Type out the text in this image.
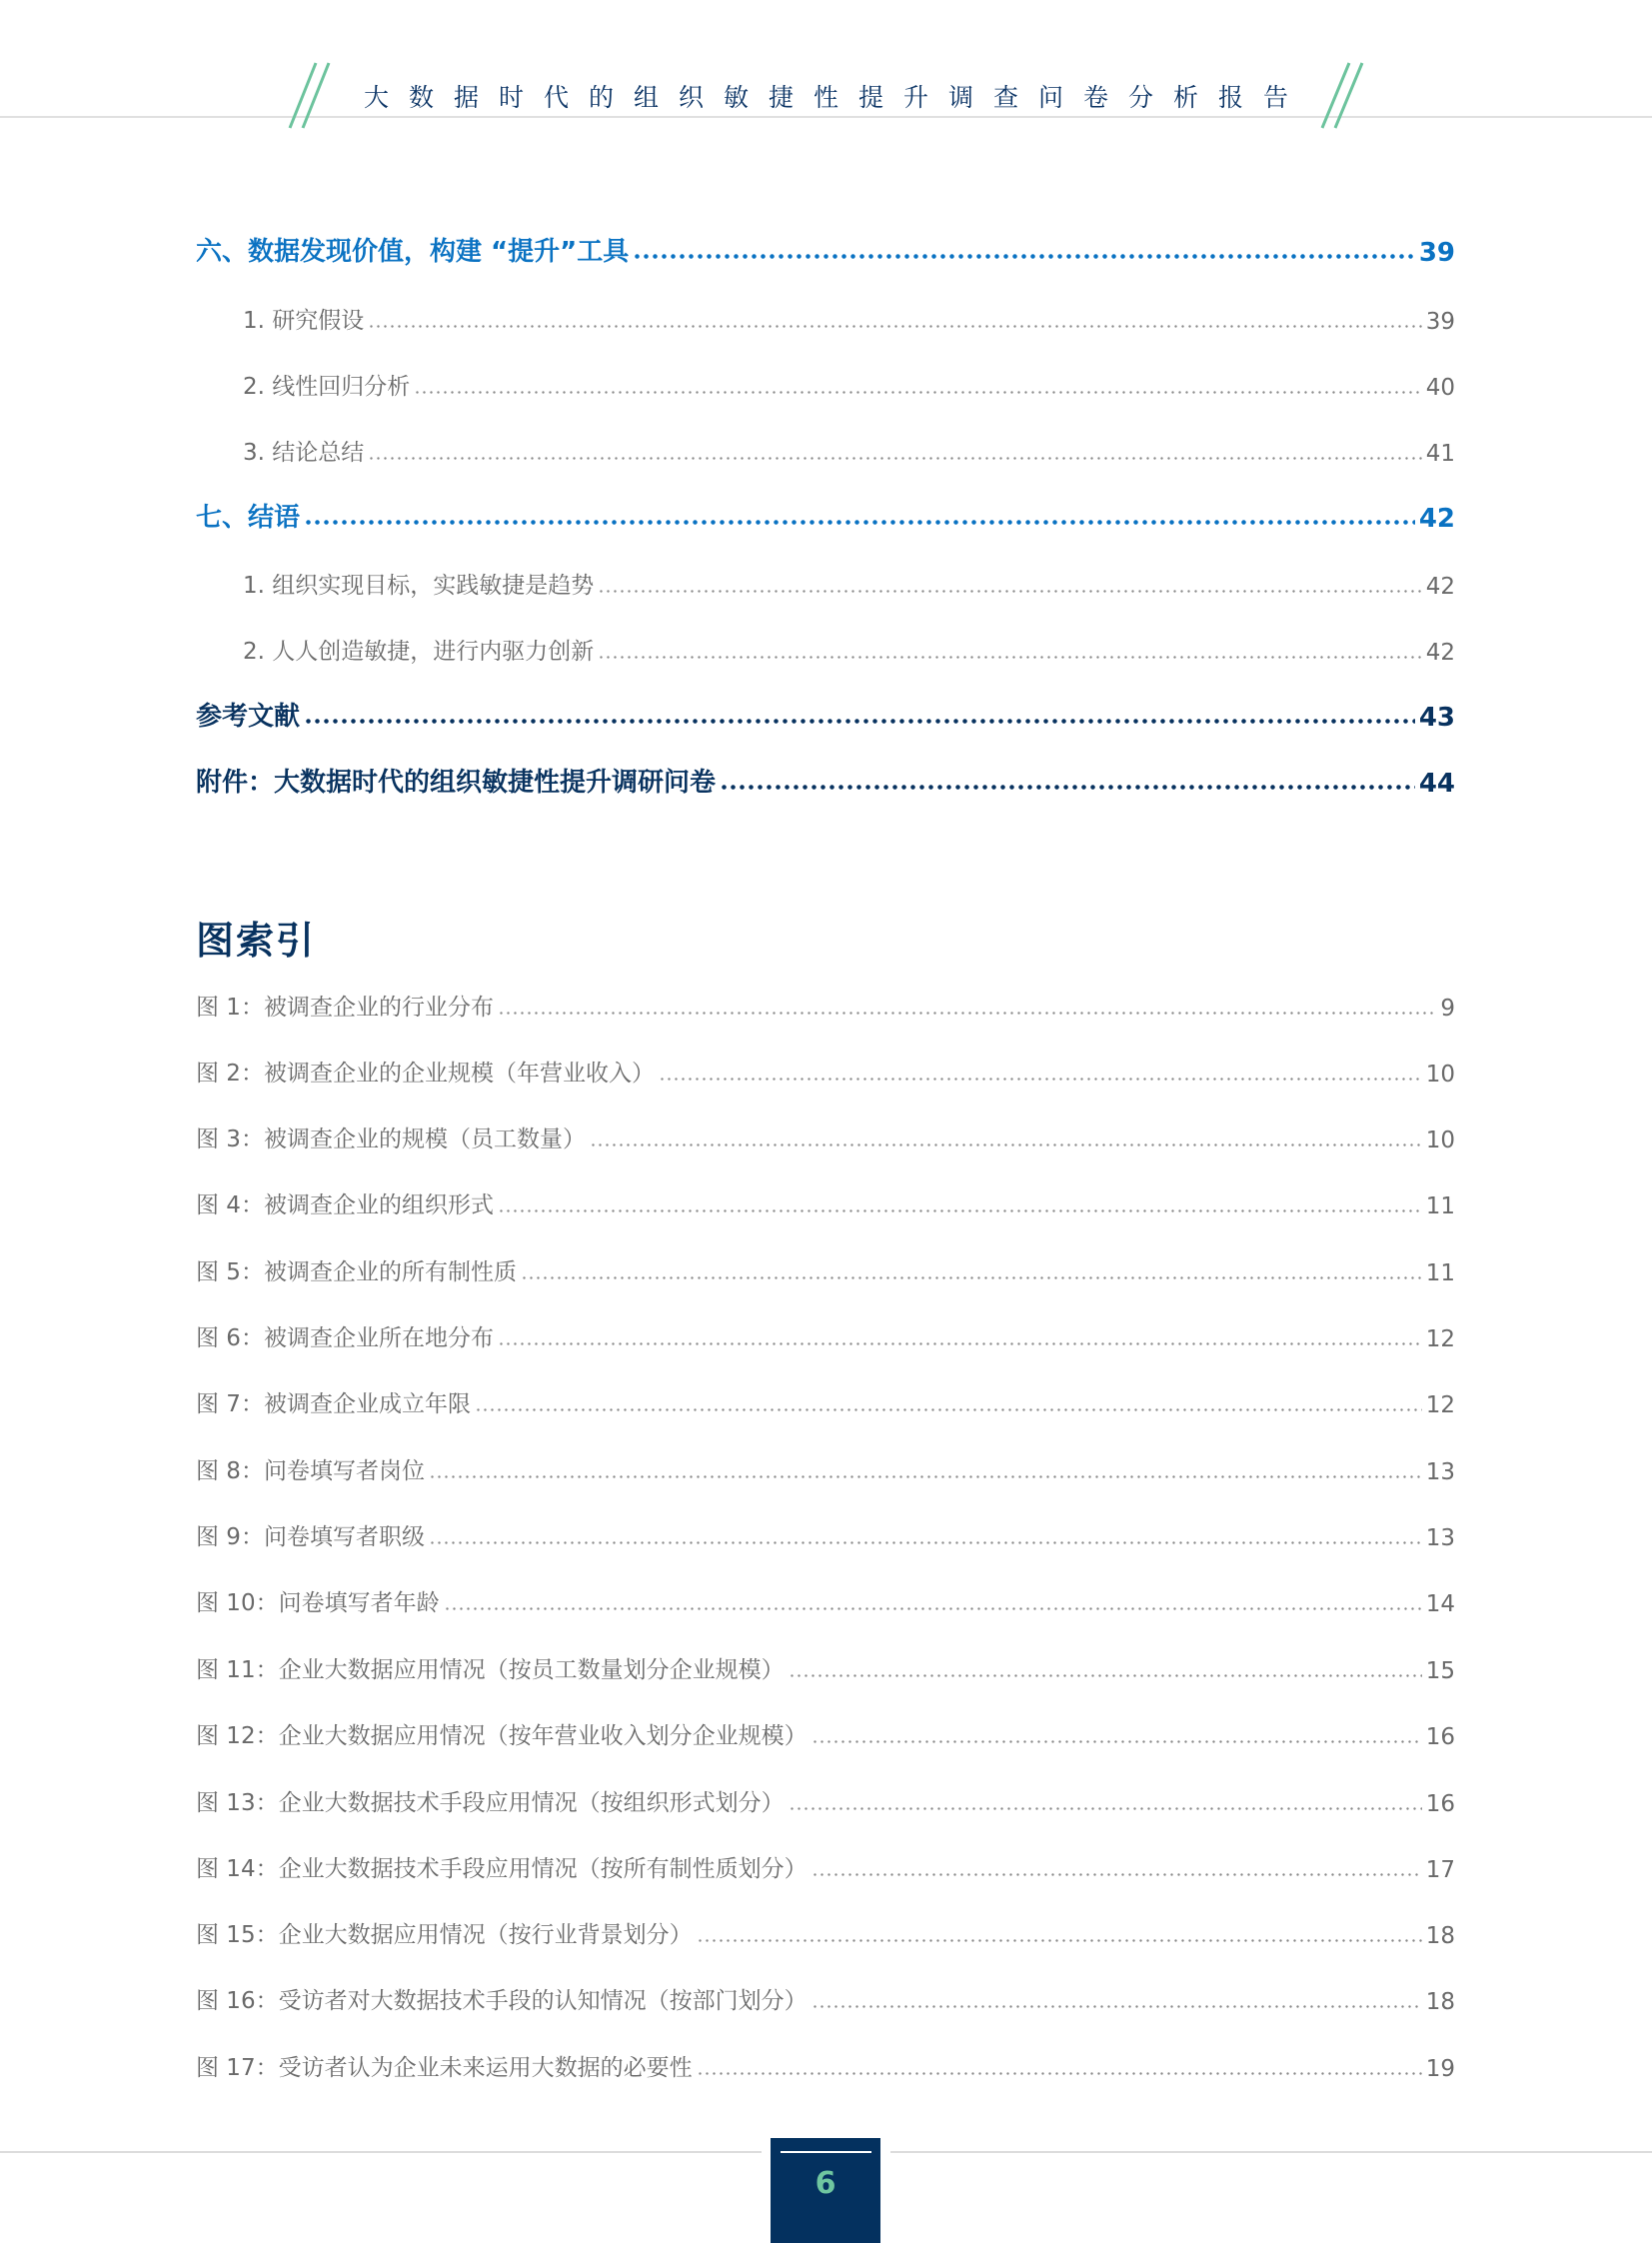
大数据时代的组织敏捷性提升调查问卷分析报告
六、数据发现价值，构建 “提升”工具	39
1. 研究假设	39
2. 线性回归分析	40
3. 结论总结	41
七、结语	42
1. 组织实现目标，实践敏捷是趋势	42
2. 人人创造敏捷，进行内驱力创新	42
参考文献	43
附件：大数据时代的组织敏捷性提升调研问卷	44
图索引
图 1：被调查企业的行业分布	9
图 2：被调查企业的企业规模（年营业收入）	10
图 3：被调查企业的规模（员工数量）	10
图 4：被调查企业的组织形式	11
图 5：被调查企业的所有制性质	11
图 6：被调查企业所在地分布	12
图 7：被调查企业成立年限	12
图 8：问卷填写者岗位	13
图 9：问卷填写者职级	13
图 10：问卷填写者年龄	14
图 11：企业大数据应用情况（按员工数量划分企业规模）	15
图 12：企业大数据应用情况（按年营业收入划分企业规模）	16
图 13：企业大数据技术手段应用情况（按组织形式划分）	16
图 14：企业大数据技术手段应用情况（按所有制性质划分）	17
图 15：企业大数据应用情况（按行业背景划分）	18
图 16：受访者对大数据技术手段的认知情况（按部门划分）	18
图 17：受访者认为企业未来运用大数据的必要性	19
6
